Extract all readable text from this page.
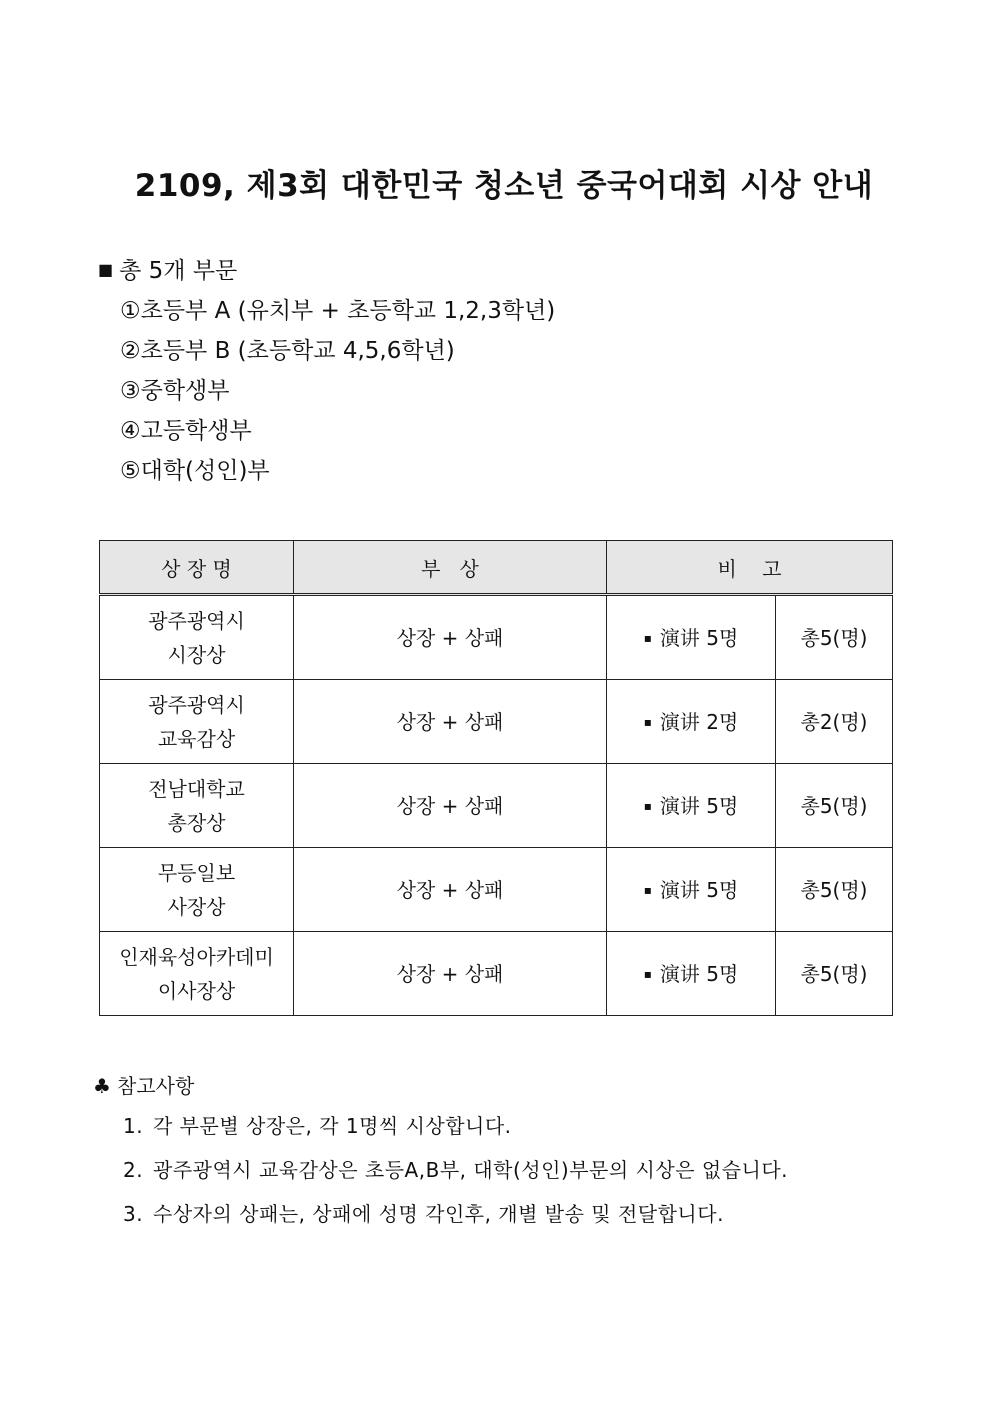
2109, 제3회 대한민국 청소년 중국어대회 시상 안내
■ 총 5개 부문
①초등부 A (유치부 + 초등학교 1,2,3학년)
②초등부 B (초등학교 4,5,6학년)
③중학생부
④고등학생부
⑤대학(성인)부
상 장 명	부   상	비    고	
광주광역시
시장상	상장 + 상패	▪ 演讲 5명	총5(명)
광주광역시
교육감상	상장 + 상패	▪ 演讲 2명	총2(명)
전남대학교
총장상	상장 + 상패	▪ 演讲 5명	총5(명)
무등일보
사장상	상장 + 상패	▪ 演讲 5명	총5(명)
인재육성아카데미
이사장상	상장 + 상패	▪ 演讲 5명	총5(명)
♣ 참고사항
1. 각 부문별 상장은, 각 1명씩 시상합니다.
2. 광주광역시 교육감상은 초등A,B부, 대학(성인)부문의 시상은 없습니다.
3. 수상자의 상패는, 상패에 성명 각인후, 개별 발송 및 전달합니다.
